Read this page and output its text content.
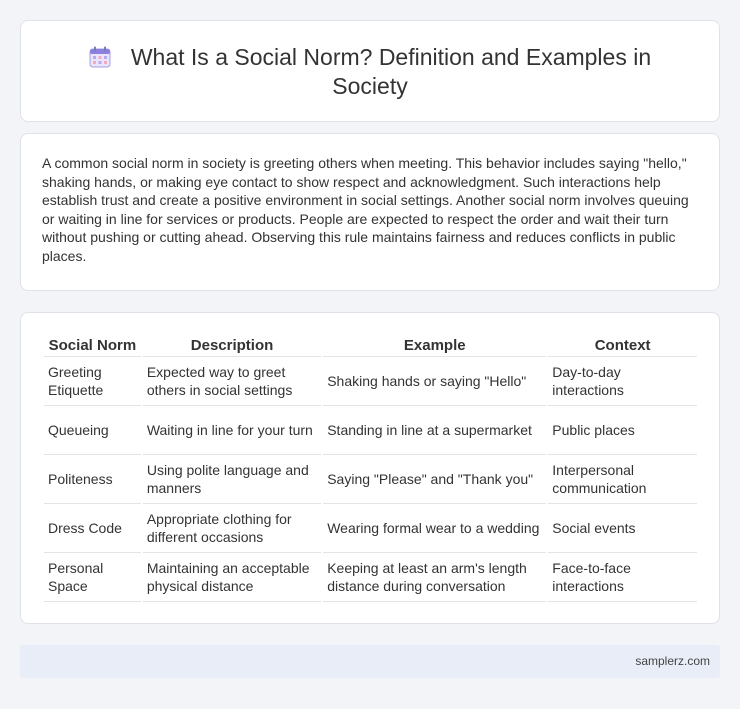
What Is a Social Norm? Definition and Examples in Society

A common social norm in society is greeting others when meeting. This behavior includes saying "hello," shaking hands, or making eye contact to show respect and acknowledgment. Such interactions help establish trust and create a positive environment in social settings. Another social norm involves queuing or waiting in line for services or products. People are expected to respect the order and wait their turn without pushing or cutting ahead. Observing this rule maintains fairness and reduces conflicts in public places.

Social Norm	Description	Example	Context
Greeting Etiquette	Expected way to greet others in social settings	Shaking hands or saying "Hello"	Day-to-day interactions
Queueing	Waiting in line for your turn	Standing in line at a supermarket	Public places
Politeness	Using polite language and manners	Saying "Please" and "Thank you"	Interpersonal communication
Dress Code	Appropriate clothing for different occasions	Wearing formal wear to a wedding	Social events
Personal Space	Maintaining an acceptable physical distance	Keeping at least an arm's length distance during conversation	Face-to-face interactions
samplerz.com
